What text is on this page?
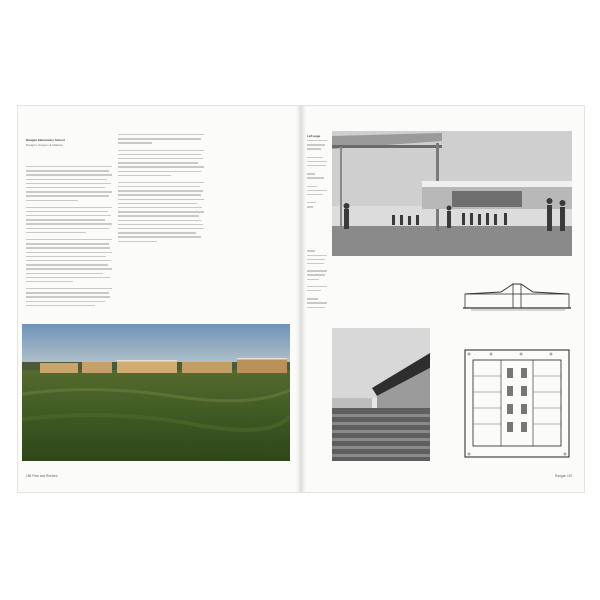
Rangan Elementary School
Rangan, Haugen & Madsen
186 Flow and Rhetoric
Left page
Rangan 187
